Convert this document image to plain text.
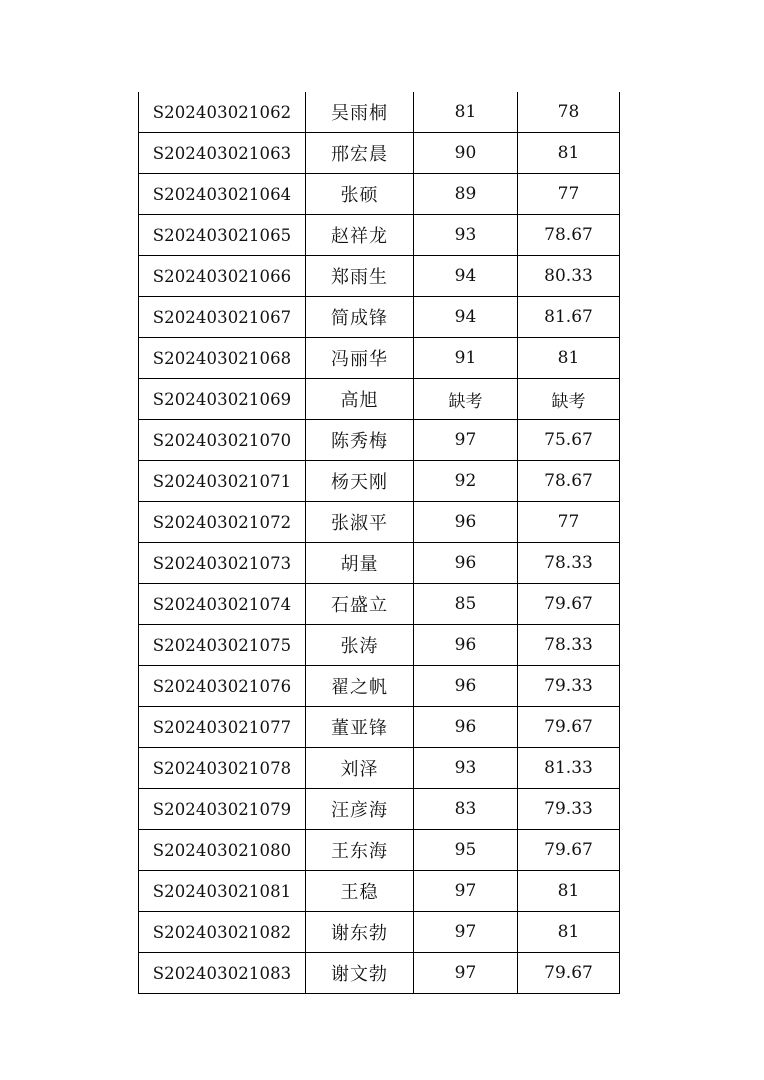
S202403021062	吴雨桐	81	78
S202403021063	邢宏晨	90	81
S202403021064	张硕	89	77
S202403021065	赵祥龙	93	78.67
S202403021066	郑雨生	94	80.33
S202403021067	简成锋	94	81.67
S202403021068	冯丽华	91	81
S202403021069	高旭	缺考	缺考
S202403021070	陈秀梅	97	75.67
S202403021071	杨天刚	92	78.67
S202403021072	张淑平	96	77
S202403021073	胡量	96	78.33
S202403021074	石盛立	85	79.67
S202403021075	张涛	96	78.33
S202403021076	翟之帆	96	79.33
S202403021077	董亚锋	96	79.67
S202403021078	刘泽	93	81.33
S202403021079	汪彦海	83	79.33
S202403021080	王东海	95	79.67
S202403021081	王稳	97	81
S202403021082	谢东勃	97	81
S202403021083	谢文勃	97	79.67
